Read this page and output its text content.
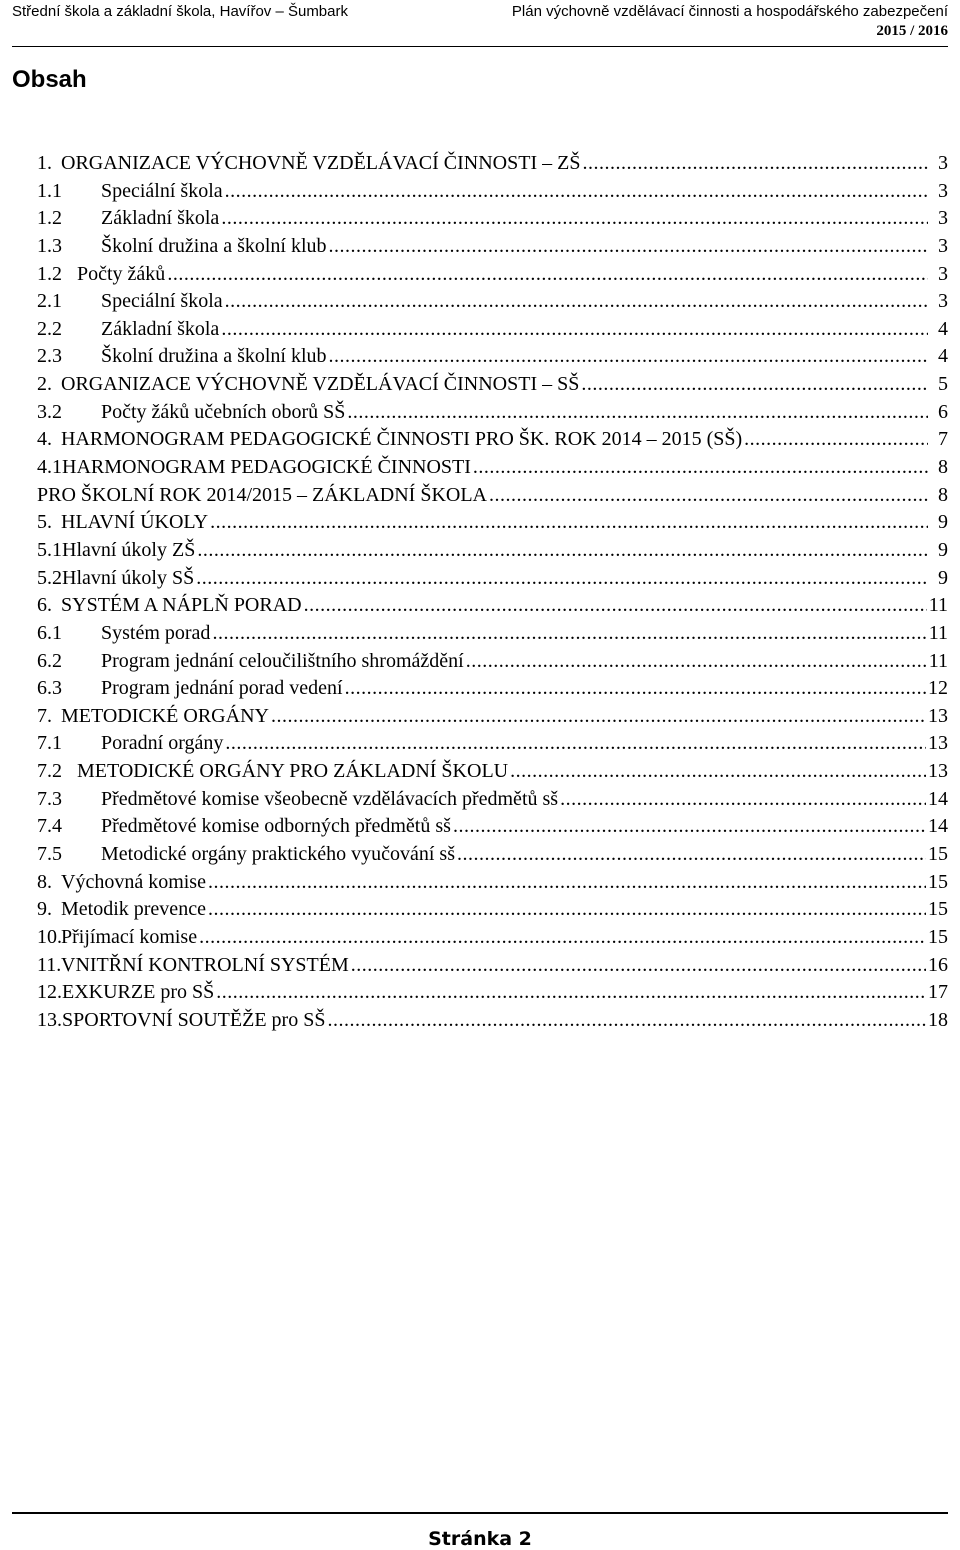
Střední škola a základní škola, Havířov – Šumbark	Plán výchovně vzdělávací činnosti a hospodářského zabezpečení
2015 / 2016
Obsah
1. ORGANIZACE VÝCHOVNĚ VZDĚLÁVACÍ ČINNOSTI – ZŠ .....	3
1.1	Speciální škola .....	3
1.2	Základní škola .....	3
1.3	Školní družina a školní klub .....	3
1.2 Počty žáků .....	3
2.1	Speciální škola .....	3
2.2	Základní škola .....	4
2.3	Školní družina a školní klub .....	4
2. ORGANIZACE VÝCHOVNĚ VZDĚLÁVACÍ ČINNOSTI – SŠ .....	5
3.2	Počty žáků učebních oborů SŠ .....	6
4. HARMONOGRAM PEDAGOGICKÉ ČINNOSTI PRO ŠK. ROK 2014 – 2015 (SŠ) .....	7
4.1 HARMONOGRAM PEDAGOGICKÉ ČINNOSTI .....	8
PRO ŠKOLNÍ ROK 2014/2015 – ZÁKLADNÍ ŠKOLA .....	8
5. HLAVNÍ ÚKOLY .....	9
5.1 Hlavní úkoly ZŠ .....	9
5.2 Hlavní úkoly SŠ .....	9
6. SYSTÉM A NÁPLŇ PORAD .....	11
6.1	Systém porad .....	11
6.2	Program jednání celoučilištního shromáždění .....	11
6.3	Program jednání porad vedení .....	12
7. METODICKÉ ORGÁNY .....	13
7.1	Poradní orgány .....	13
7.2 METODICKÉ ORGÁNY PRO ZÁKLADNÍ ŠKOLU .....	13
7.3	Předmětové komise všeobecně vzdělávacích předmětů sš .....	14
7.4	Předmětové komise odborných předmětů sš .....	14
7.5	Metodické orgány praktického vyučování sš .....	15
8. Výchovná komise .....	15
9. Metodik prevence .....	15
10. Přijímací komise .....	15
11. VNITŘNÍ KONTROLNÍ SYSTÉM .....	16
12. EXKURZE pro SŠ .....	17
13. SPORTOVNÍ SOUTĚŽE pro SŠ .....	18
Stránka 2
